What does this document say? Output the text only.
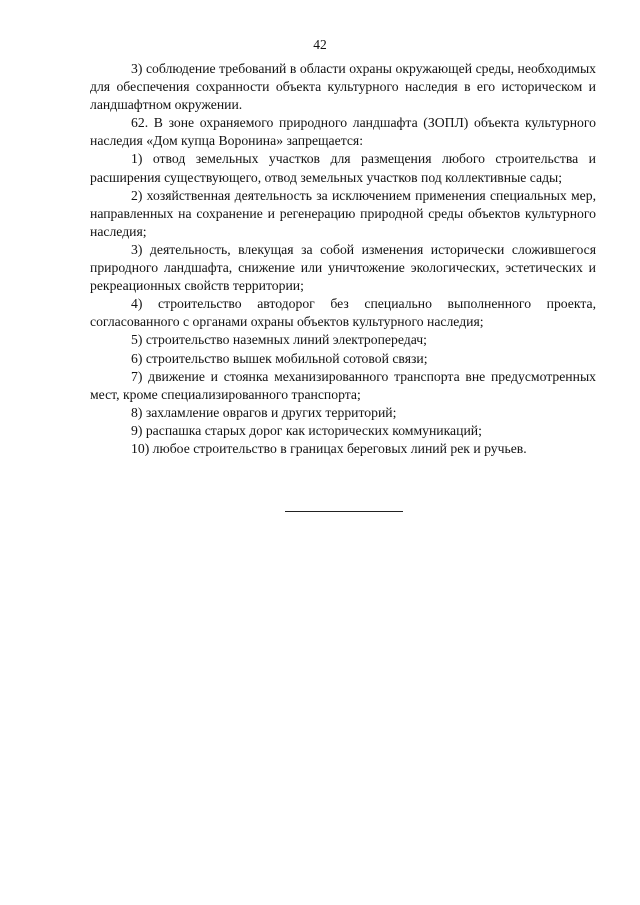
42

3) соблюдение требований в области охраны окружающей среды, необходимых для обеспечения сохранности объекта культурного наследия в его историческом и ландшафтном окружении.

62. В зоне охраняемого природного ландшафта (ЗОПЛ) объекта культурного наследия «Дом купца Воронина» запрещается:

1) отвод земельных участков для размещения любого строительства и расширения существующего, отвод земельных участков под коллективные сады;

2) хозяйственная деятельность за исключением применения специальных мер, направленных на сохранение и регенерацию природной среды объектов культурного наследия;

3) деятельность, влекущая за собой изменения исторически сложившегося природного ландшафта, снижение или уничтожение экологических, эстетических и рекреационных свойств территории;

4) строительство автодорог без специально выполненного проекта, согласованного с органами охраны объектов культурного наследия;

5) строительство наземных линий электропередач;

6) строительство вышек мобильной сотовой связи;

7) движение и стоянка механизированного транспорта вне предусмотренных мест, кроме специализированного транспорта;

8) захламление оврагов и других территорий;

9) распашка старых дорог как исторических коммуникаций;

10) любое строительство в границах береговых линий рек и ручьев.
